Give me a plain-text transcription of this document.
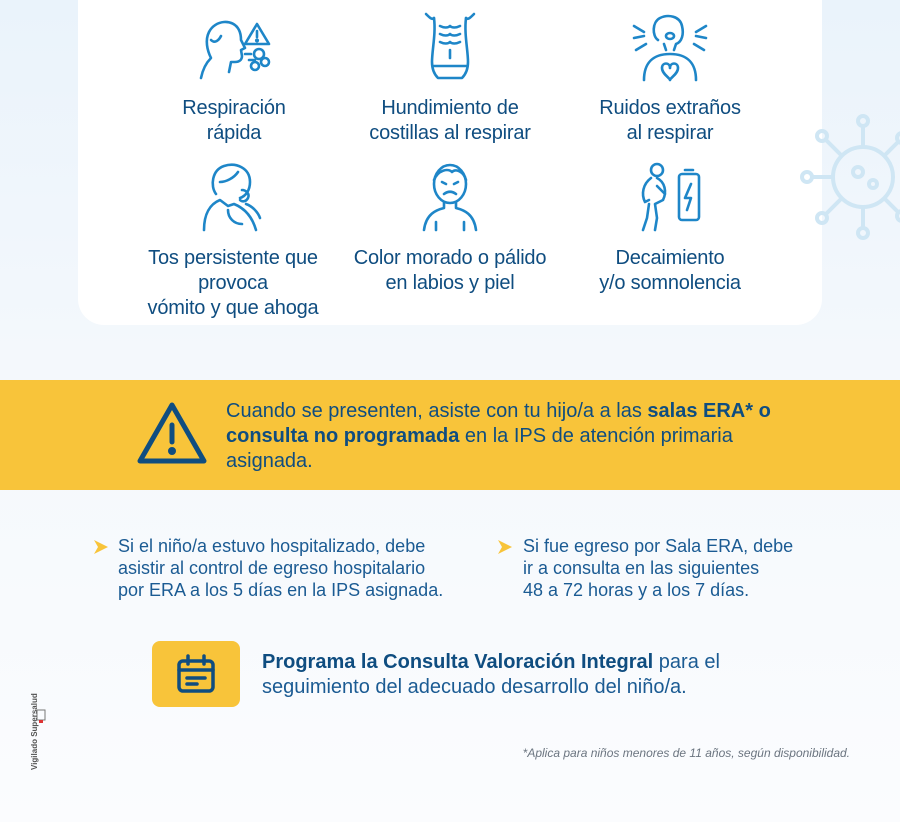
Respiración
rápida
Hundimiento de
costillas al respirar
Ruidos extraños
al respirar
Tos persistente que provoca
vómito y que ahoga
Color morado o pálido
en labios y piel
Decaimiento
y/o somnolencia
Cuando se presenten, asiste con tu hijo/a a las salas ERA* o consulta no programada en la IPS de atención primaria asignada.
Si el niño/a estuvo hospitalizado, debe
asistir al control de egreso hospitalario
por ERA a los 5 días en la IPS asignada.
Si fue egreso por Sala ERA, debe
ir a consulta en las siguientes
48 a 72 horas y a los 7 días.
Programa la Consulta Valoración Integral para el seguimiento del adecuado desarrollo del niño/a.
*Aplica para niños menores de 11 años, según disponibilidad.
Vigilado Supersalud
